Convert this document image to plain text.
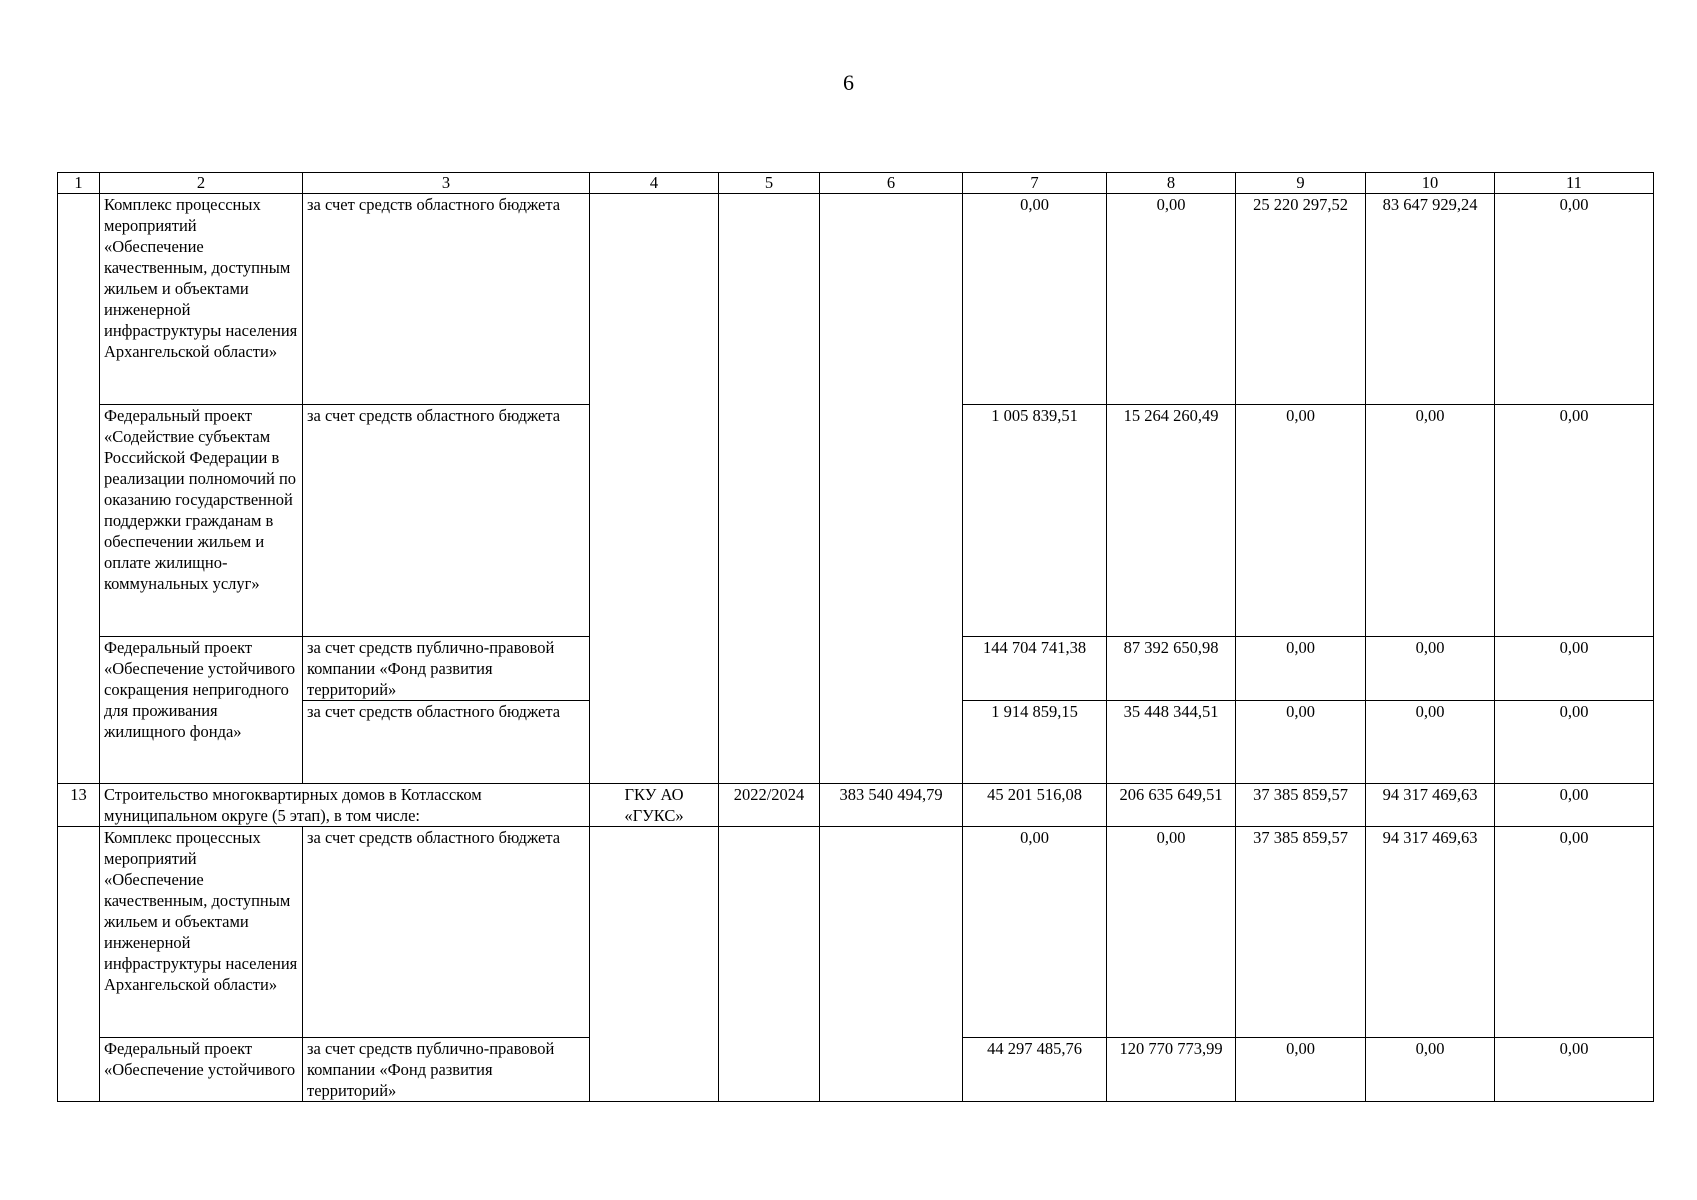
6
1	2	3	4	5	6	7	8	9	10	11
	Комплекс процессных мероприятий «Обеспечение качественным, доступным жильем и объектами инженерной инфраструктуры населения Архангельской области»	за счет средств областного бюджета				0,00	0,00	25 220 297,52	83 647 929,24	0,00
	Федеральный проект «Содействие субъектам Российской Федерации в реализации полномочий по оказанию государственной поддержки гражданам в обеспечении жильем и оплате жилищно-коммунальных услуг»	за счет средств областного бюджета				1 005 839,51	15 264 260,49	0,00	0,00	0,00
	Федеральный проект «Обеспечение устойчивого сокращения непригодного для проживания жилищного фонда»	за счет средств публично-правовой компании «Фонд развития территорий»				144 704 741,38	87 392 650,98	0,00	0,00	0,00
		за счет средств областного бюджета				1 914 859,15	35 448 344,51	0,00	0,00	0,00
13	Строительство многоквартирных домов в Котласском муниципальном округе (5 этап), в том числе:		ГКУ АО «ГУКС»	2022/2024	383 540 494,79	45 201 516,08	206 635 649,51	37 385 859,57	94 317 469,63	0,00
	Комплекс процессных мероприятий «Обеспечение качественным, доступным жильем и объектами инженерной инфраструктуры населения Архангельской области»	за счет средств областного бюджета				0,00	0,00	37 385 859,57	94 317 469,63	0,00
	Федеральный проект «Обеспечение устойчивого	за счет средств публично-правовой компании «Фонд развития территорий»				44 297 485,76	120 770 773,99	0,00	0,00	0,00
